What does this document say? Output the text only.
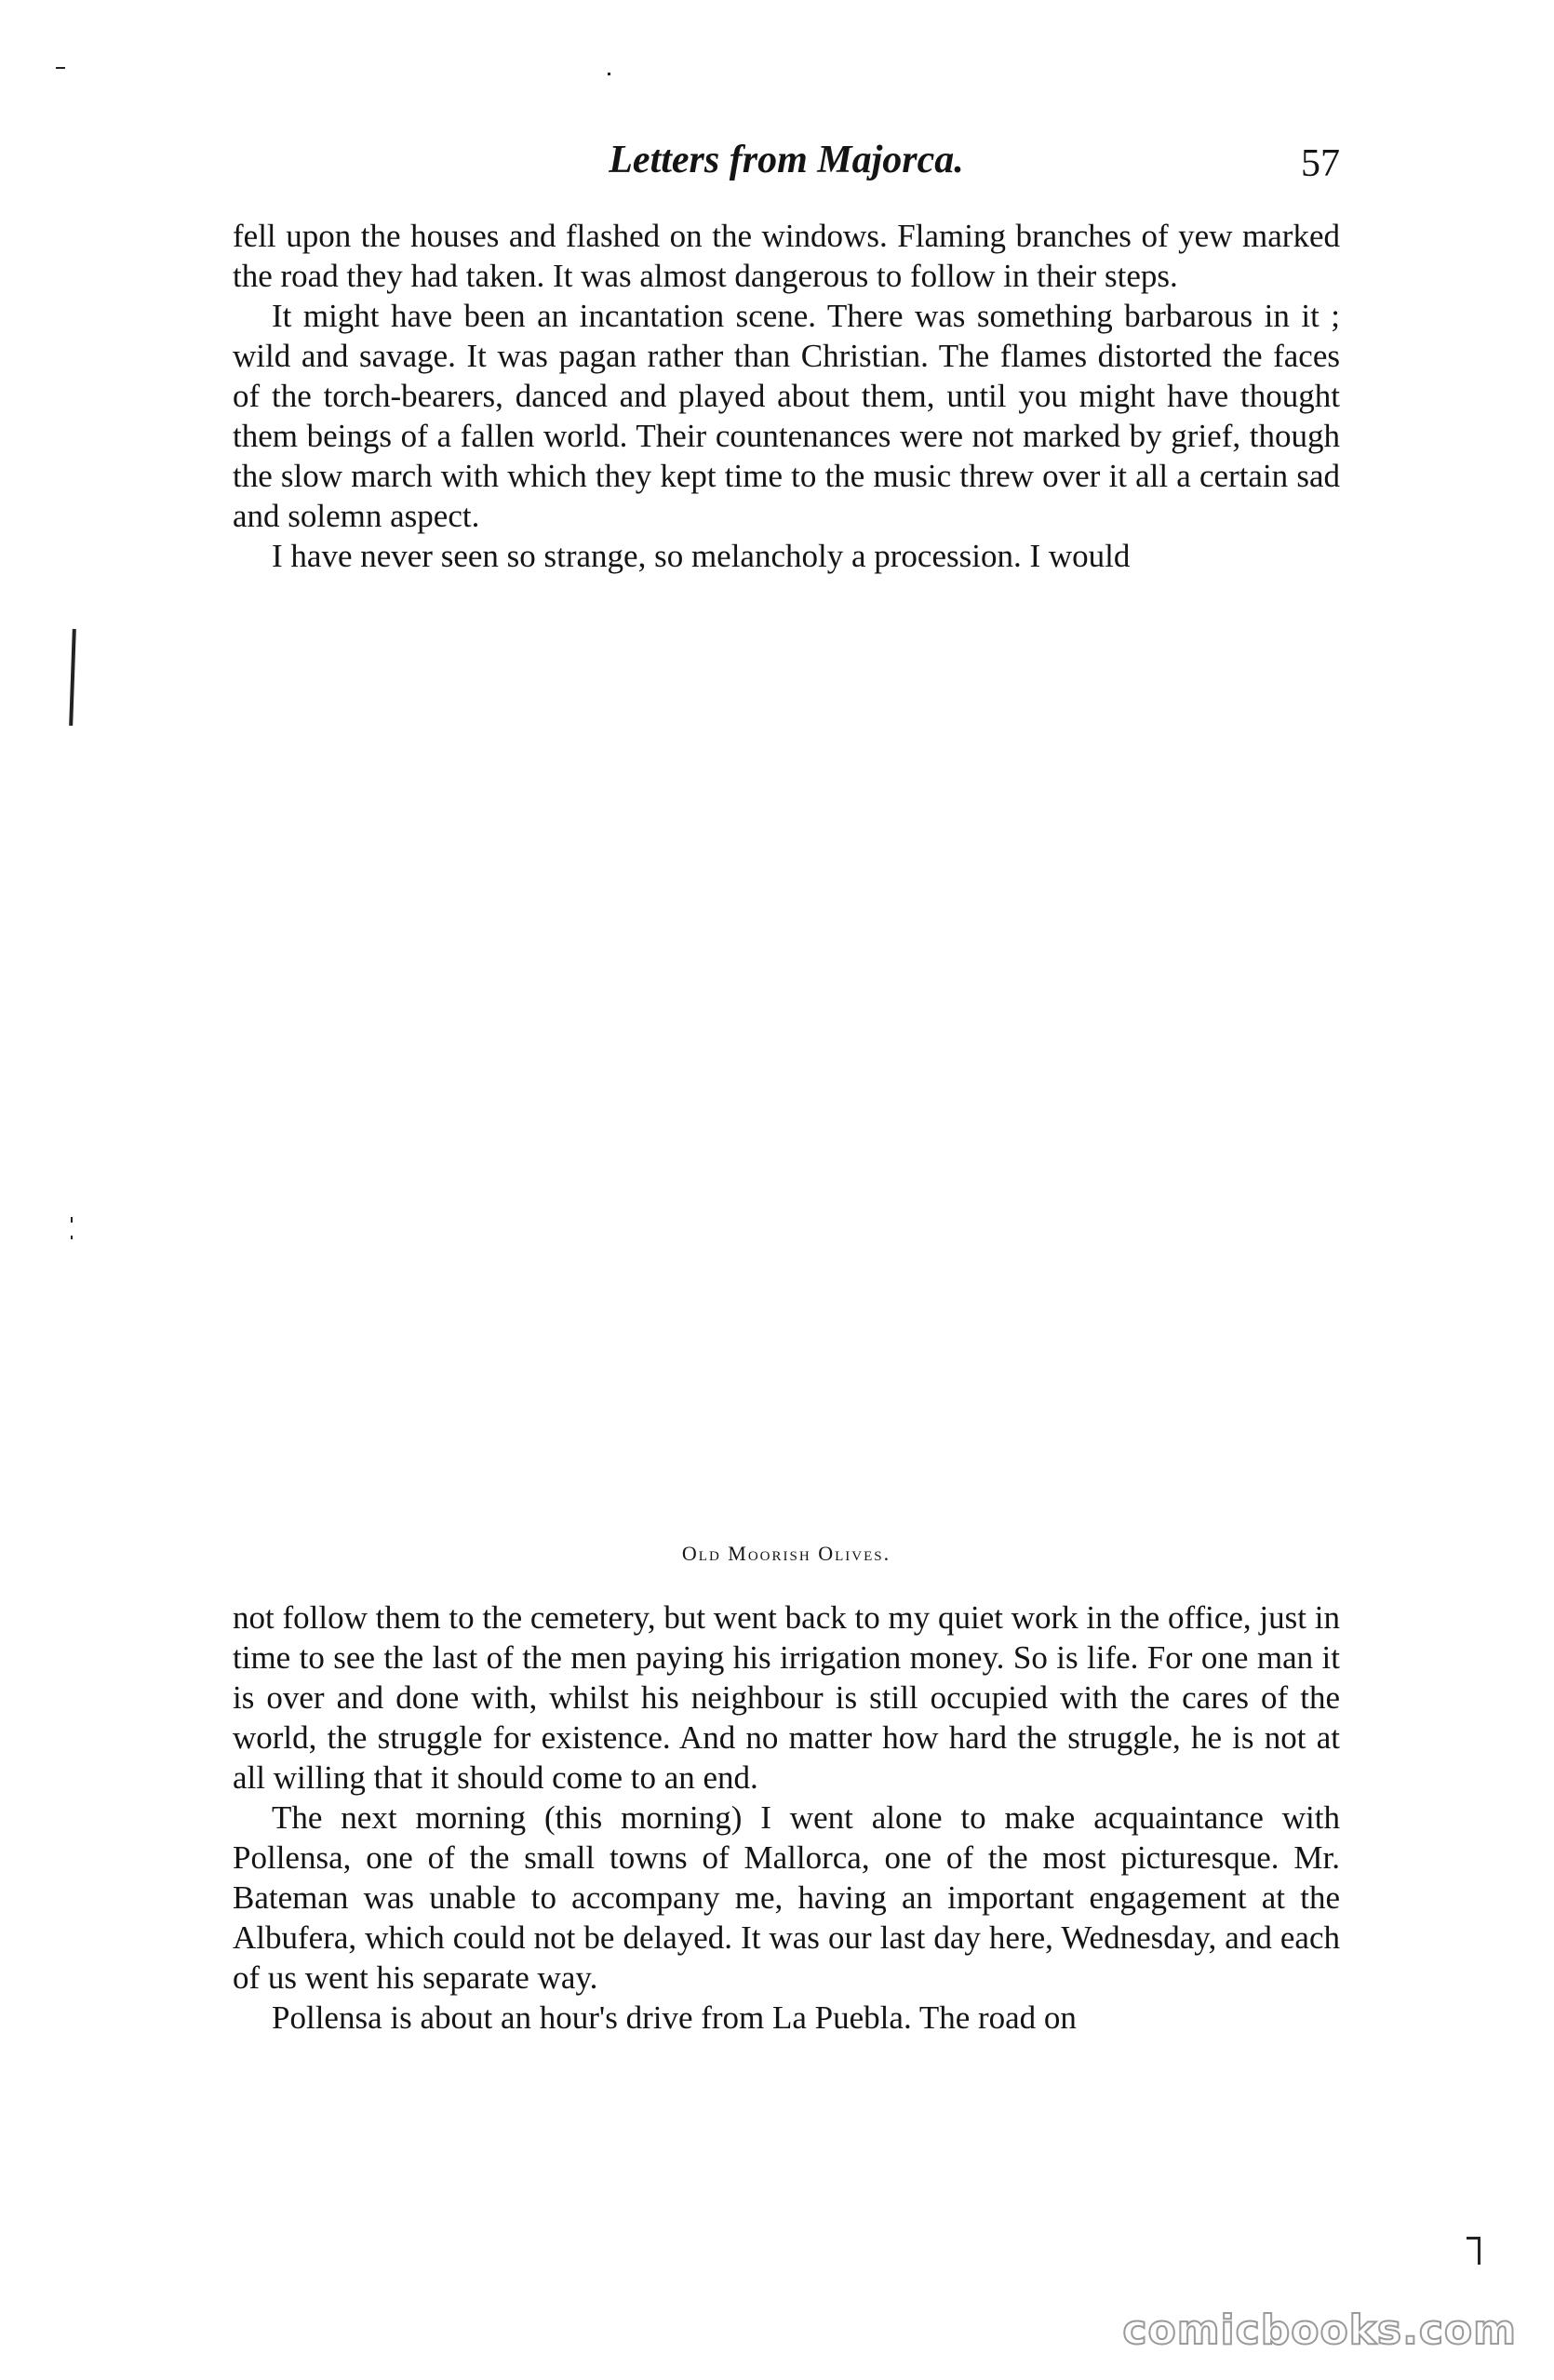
Letters from Majorca.	57

fell upon the houses and flashed on the windows. Flaming branches of yew marked the road they had taken. It was almost dangerous to follow in their steps.

It might have been an incantation scene. There was something barbarous in it ; wild and savage. It was pagan rather than Christian. The flames distorted the faces of the torch-bearers, danced and played about them, until you might have thought them beings of a fallen world. Their countenances were not marked by grief, though the slow march with which they kept time to the music threw over it all a certain sad and solemn aspect.

I have never seen so strange, so melancholy a procession. I would

Old Moorish Olives.

not follow them to the cemetery, but went back to my quiet work in the office, just in time to see the last of the men paying his irrigation money. So is life. For one man it is over and done with, whilst his neighbour is still occupied with the cares of the world, the struggle for existence. And no matter how hard the struggle, he is not at all willing that it should come to an end.

The next morning (this morning) I went alone to make acquaintance with Pollensa, one of the small towns of Mallorca, one of the most picturesque. Mr. Bateman was unable to accompany me, having an important engagement at the Albufera, which could not be delayed. It was our last day here, Wednesday, and each of us went his separate way.

Pollensa is about an hour's drive from La Puebla. The road on

comicbooks.com
